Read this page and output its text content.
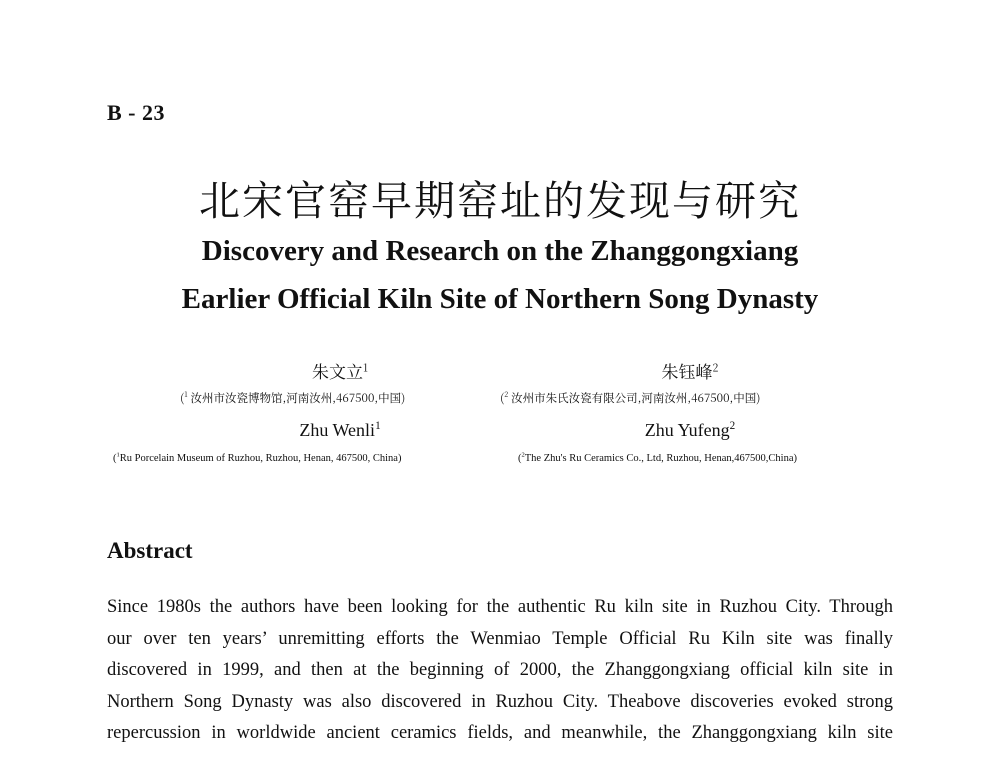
B - 23
北宋官窑早期窑址的发现与研究
Discovery and Research on the Zhanggongxiang
Earlier Official Kiln Site of Northern Song Dynasty
朱文立$^1$
($^1$ 汝州市汝瓷博物馆,河南汝州,467500,中国)
Zhu Wenli$^1$
($^1$Ru Porcelain Museum of Ruzhou, Ruzhou, Henan, 467500, China)
朱钰峰$^2$
($^2$ 汝州市朱氏汝瓷有限公司,河南汝州,467500,中国)
Zhu Yufeng$^2$
($^2$The Zhu's Ru Ceramics Co., Ltd, Ruzhou, Henan,467500,China)
Abstract
Since 1980s the authors have been looking for the authentic Ru kiln site in Ruzhou City. Through
our over ten years’ unremitting efforts the Wenmiao Temple Official Ru Kiln site was finally
discovered in 1999, and then at the beginning of 2000, the Zhanggongxiang official kiln site in
Northern Song Dynasty was also discovered in Ruzhou City. Theabove discoveries evoked strong
repercussion in worldwide ancient ceramics fields, and meanwhile, the Zhanggongxiang kiln site
